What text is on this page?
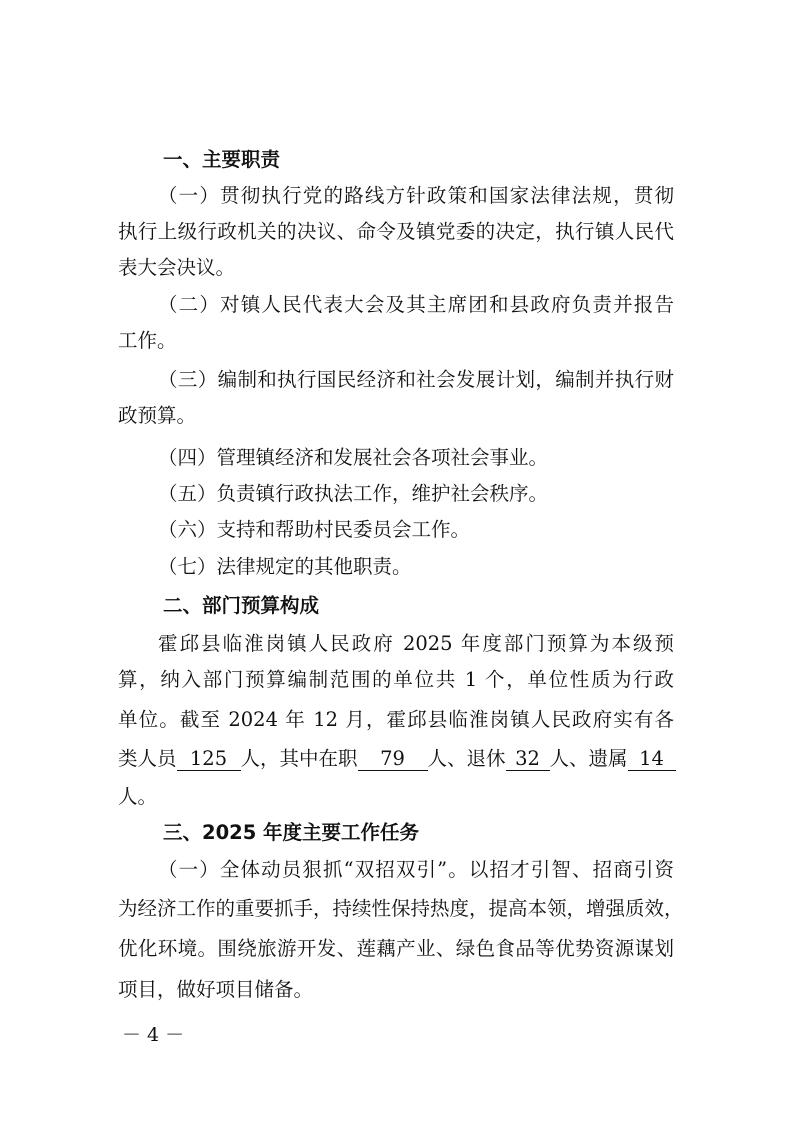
一、主要职责
（一）贯彻执行党的路线方针政策和国家法律法规，贯彻
执行上级行政机关的决议、命令及镇党委的决定，执行镇人民代
表大会决议。
（二）对镇人民代表大会及其主席团和县政府负责并报告
工作。
（三）编制和执行国民经济和社会发展计划，编制并执行财
政预算。
（四）管理镇经济和发展社会各项社会事业。
（五）负责镇行政执法工作，维护社会秩序。
（六）支持和帮助村民委员会工作。
（七）法律规定的其他职责。
二、部门预算构成
霍邱县临淮岗镇人民政府 2025 年度部门预算为本级预
算，纳入部门预算编制范围的单位共 1 个，单位性质为行政
单位。截至 2024 年 12 月，霍邱县临淮岗镇人民政府实有各
类人员 125 人，其中在职 79 人、退休 32 人、遗属 14
人。
三、2025 年度主要工作任务
（一）全体动员狠抓“双招双引”。以招才引智、招商引资
为经济工作的重要抓手，持续性保持热度，提高本领，增强质效，
优化环境。围绕旅游开发、莲藕产业、绿色食品等优势资源谋划
项目，做好项目储备。
－ 4 －
